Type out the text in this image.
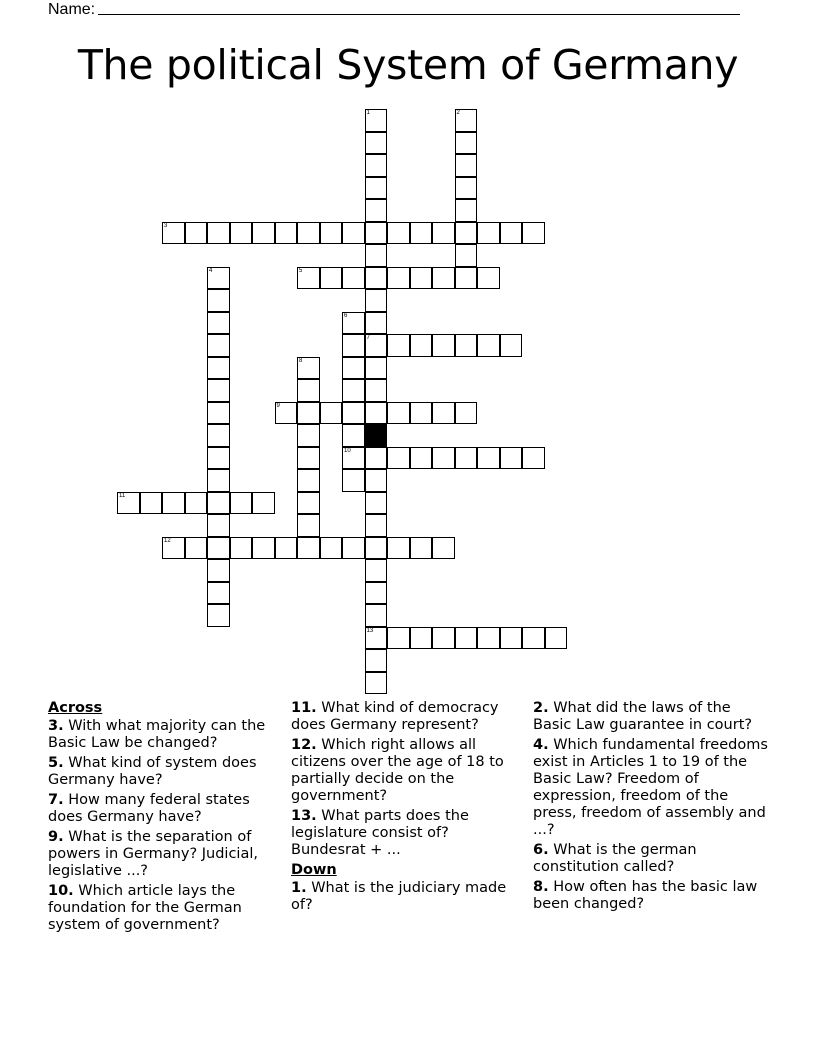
Name:
The political System of Germany
1
7
13
2
3
4	5
6
10
8
9
11
12
Across
3. With what majority can the Basic Law be changed?
5. What kind of system does Germany have?
7. How many federal states does Germany have?
9. What is the separation of powers in Germany? Judicial, legislative ...?
10. Which article lays the foundation for the German system of government?
11. What kind of democracy does Germany represent?
12. Which right allows all citizens over the age of 18 to partially decide on the government?
13. What parts does the legislature consist of? Bundesrat + ...
Down
1. What is the judiciary made of?
2. What did the laws of the Basic Law guarantee in court?
4. Which fundamental freedoms exist in Articles 1 to 19 of the Basic Law? Freedom of expression, freedom of the press, freedom of assembly and ...?
6. What is the german constitution called?
8. How often has the basic law been changed?
